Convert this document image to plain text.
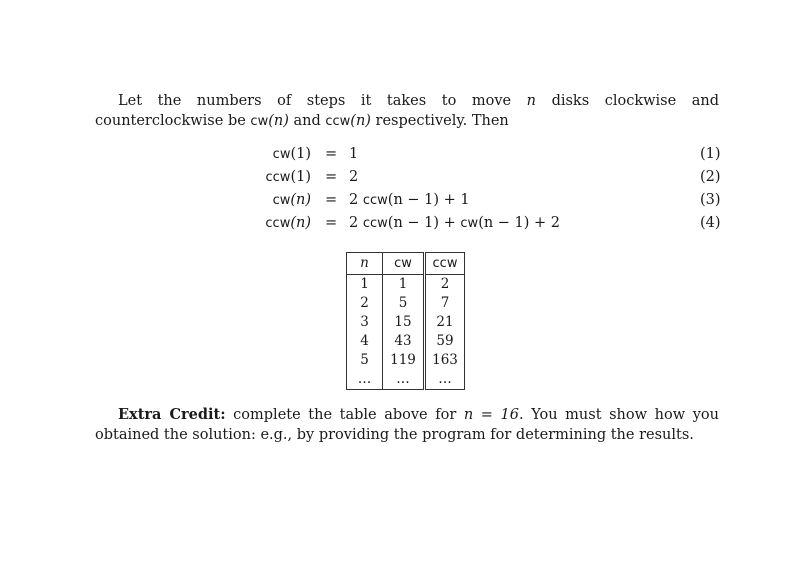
Let the numbers of steps it takes to move n disks clockwise and counterclockwise be cw(n) and ccw(n) respectively. Then
cw(1) = 1	(1)
ccw(1) = 2	(2)
cw(n) = 2 ccw(n − 1) + 1	(3)
ccw(n) = 2 ccw(n − 1) + cw(n − 1) + 2	(4)
n	cw	ccw
1	1	2
2	5	7
3	15	21
4	43	59
5	119	163
…	…	…
Extra Credit: complete the table above for n = 16. You must show how you obtained the solution: e.g., by providing the program for determining the results.
